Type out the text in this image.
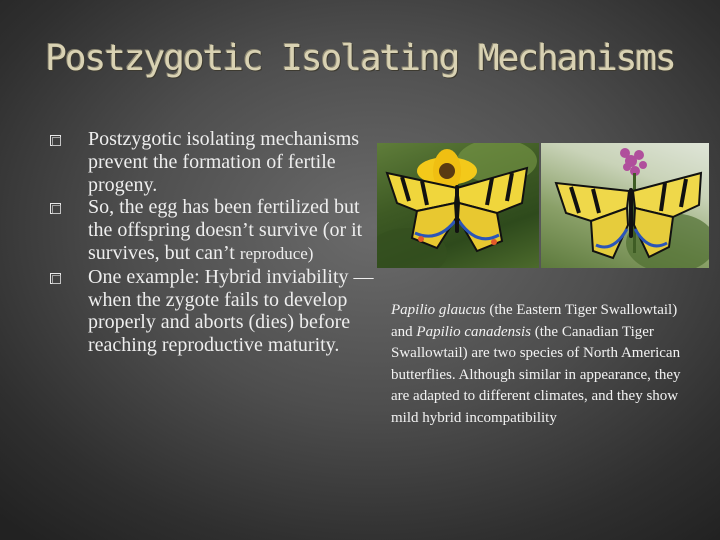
Postzygotic Isolating Mechanisms
Postzygotic isolating mechanisms prevent the formation of fertile progeny.
So, the egg has been fertilized but the offspring doesn’t survive (or it survives, but can’t reproduce)
One example: Hybrid inviability —when the zygote fails to develop properly and aborts (dies) before reaching reproductive maturity.
Papilio glaucus (the Eastern Tiger Swallowtail) and Papilio canadensis (the Canadian Tiger Swallowtail) are two species of North American butterflies. Although similar in appearance, they are adapted to different climates, and they show mild hybrid incompatibility
